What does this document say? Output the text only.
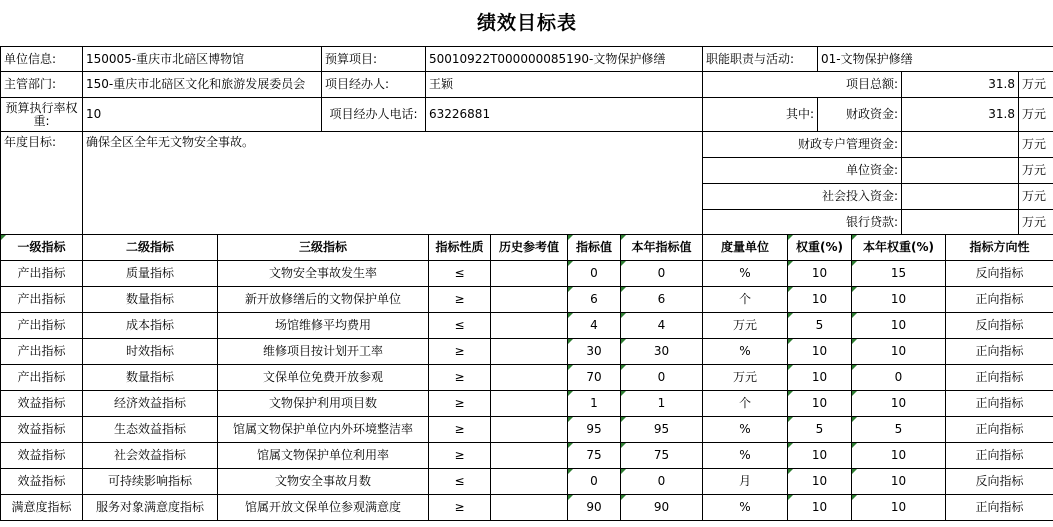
绩效目标表							
单位信息:	150005-重庆市北碚区博物馆	预算项目:	50010922T000000085190-文物保护修缮	职能职责与活动:	01-文物保护修缮		
主管部门:	150-重庆市北碚区文化和旅游发展委员会	项目经办人:	王颖	项目总额:		31.8	万元
预算执行率权重:	10	项目经办人电话:	63226881	其中:	财政资金:	31.8	万元
年度目标:	确保全区全年无文物安全事故。			财政专户管理资金:			万元
				单位资金:			万元
				社会投入资金:			万元
				银行贷款:			万元
一级指标	二级指标	三级指标	指标性质	历史参考值	指标值	本年指标值	度量单位	权重(%)	本年权重(%)	指标方向性
产出指标	质量指标	文物安全事故发生率	≤		0	0	%	10	15	反向指标
产出指标	数量指标	新开放修缮后的文物保护单位	≥		6	6	个	10	10	正向指标
产出指标	成本指标	场馆维修平均费用	≤		4	4	万元	5	10	反向指标
产出指标	时效指标	维修项目按计划开工率	≥		30	30	%	10	10	正向指标
产出指标	数量指标	文保单位免费开放参观	≥		70	0	万元	10	0	正向指标
效益指标	经济效益指标	文物保护利用项目数	≥		1	1	个	10	10	正向指标
效益指标	生态效益指标	馆属文物保护单位内外环境整洁率	≥		95	95	%	5	5	正向指标
效益指标	社会效益指标	馆属文物保护单位利用率	≥		75	75	%	10	10	正向指标
效益指标	可持续影响指标	文物安全事故月数	≤		0	0	月	10	10	反向指标
满意度指标	服务对象满意度指标	馆属开放文保单位参观满意度	≥		90	90	%	10	10	正向指标
